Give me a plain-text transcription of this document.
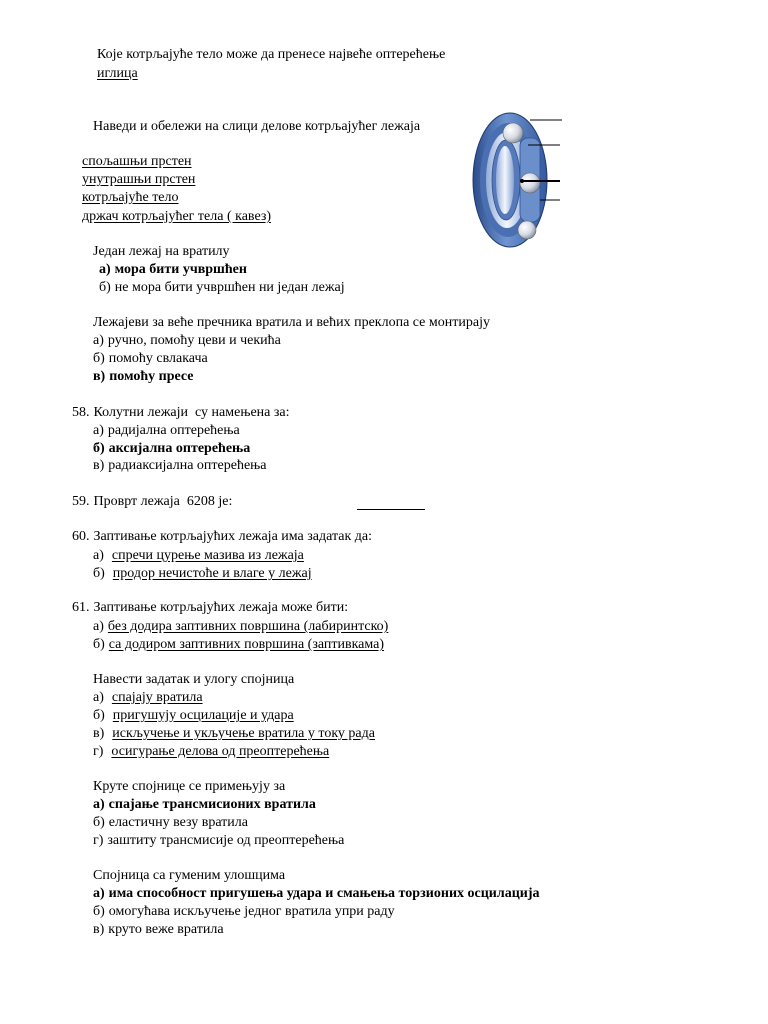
Које котрљајуће тело може да пренесе највеће оптерећење
иглица
Наведи и обележи на слици делове котрљајућег лежаја
спољашњи прстен
унутрашњи прстен
котрљајуће тело
држач котрљајућег тела ( кавез)
Један лежај на вратилу
а) мора бити учвршћен
б) не мора бити учвршћен ни један лежај
Лежајеви за веће пречника вратила и већих преклопа се монтирају
а) ручно, помоћу цеви и чекића
б) помоћу свлакача
в) помоћу пресе
58. Колутни лежаји  су намењена за:
а) радијална оптерећења
б) аксијална оптерећења
в) радиаксијална оптерећења
59. Проврт лежаја  6208 је:
60. Заптивање котрљајућих лежаја има задатак да:
а) спречи цурење мазива из лежаја
б) продор нечистоће и влаге у лежај
61. Заптивање котрљајућих лежаја може бити:
а) без додира заптивних површина (лабиринтско)
б) са додиром заптивних површина (заптивкама)
Навести задатак и улогу спојница
а) спајају вратила
б) пригушују осцилације и удара
в) искључење и укључење вратила у току рада
г) осигурање делова од преоптерећења
Круте спојнице се примењују за
а) спајање трансмисионих вратила
б) еластичну везу вратила
г) заштиту трансмисије од преоптерећења
Спојница са гуменим улошцима
а) има способност пригушења удара и смањења торзионих осцилација
б) омогућава искључење једног вратила упри раду
в) круто веже вратила
